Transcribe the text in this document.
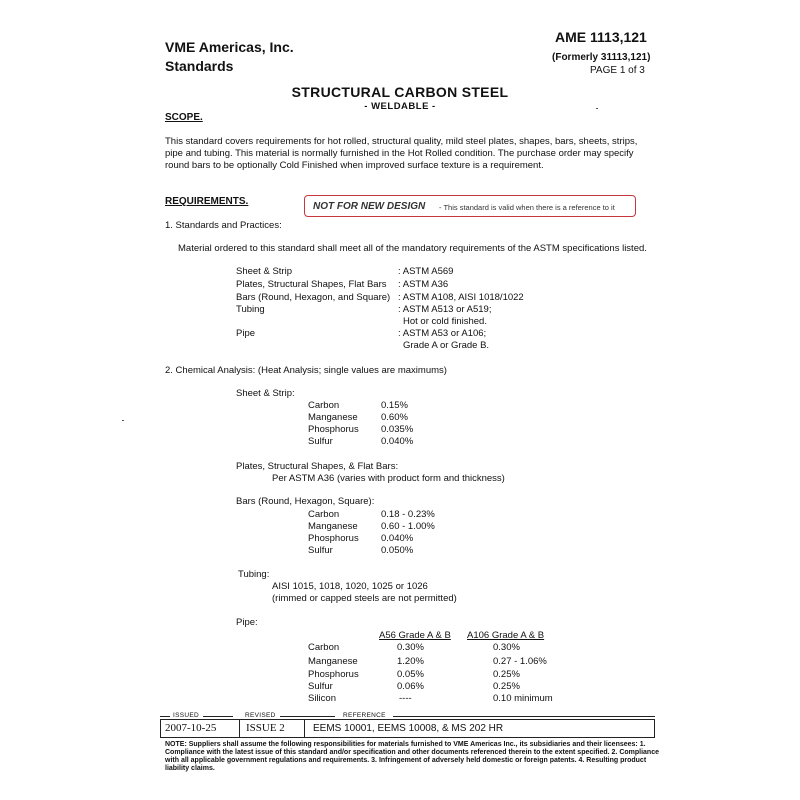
VME Americas, Inc.
Standards
AME 1113,121
(Formerly 31113,121)
PAGE 1 of 3
STRUCTURAL CARBON STEEL
- WELDABLE -
SCOPE.
This standard covers requirements for hot rolled, structural quality, mild steel plates, shapes, bars, sheets, strips, pipe and tubing. This material is normally furnished in the Hot Rolled condition. The purchase order may specify round bars to be optionally Cold Finished when improved surface texture is a requirement.
REQUIREMENTS.	NOT FOR NEW DESIGN - This standard is valid when there is a reference to it
1. Standards and Practices:
Material ordered to this standard shall meet all of the mandatory requirements of the ASTM specifications listed.
Sheet & Strip	: ASTM A569
Plates, Structural Shapes, Flat Bars : ASTM A36
Bars (Round, Hexagon, and Square) : ASTM A108, AISI 1018/1022
Tubing	: ASTM A513 or A519;
Hot or cold finished.
Pipe	: ASTM A53 or A106;
Grade A or Grade B.
2. Chemical Analysis: (Heat Analysis; single values are maximums)
Sheet & Strip:
Carbon	0.15%
Manganese 0.60%
Phosphorus 0.035%
Sulfur	0.040%
Plates, Structural Shapes, & Flat Bars:
Per ASTM A36 (varies with product form and thickness)
Bars (Round, Hexagon, Square):
Carbon	0.18 - 0.23%
Manganese 0.60 - 1.00%
Phosphorus 0.040%
Sulfur	0.050%
Tubing:
AISI 1015, 1018, 1020, 1025 or 1026
(rimmed or capped steels are not permitted)
Pipe:
A56 Grade A & B A106 Grade A & B
Carbon	0.30%	0.30%
Manganese	1.20%	0.27 - 1.06%
Phosphorus	0.05%	0.25%
Sulfur	0.06%	0.25%
Silicon	----	0.10 minimum
ISSUED	REVISED	REFERENCE
2007-10-25	ISSUE 2	EEMS 10001, EEMS 10008, & MS 202 HR
NOTE: Suppliers shall assume the following responsibilities for materials furnished to VME Americas Inc., its subsidiaries and their licensees: 1. Compliance with the latest issue of this standard and/or specification and other documents referenced therein to the extent specified. 2. Compliance with all applicable government regulations and requirements. 3. Infringement of adversely held domestic or foreign patents. 4. Resulting product liability claims.
